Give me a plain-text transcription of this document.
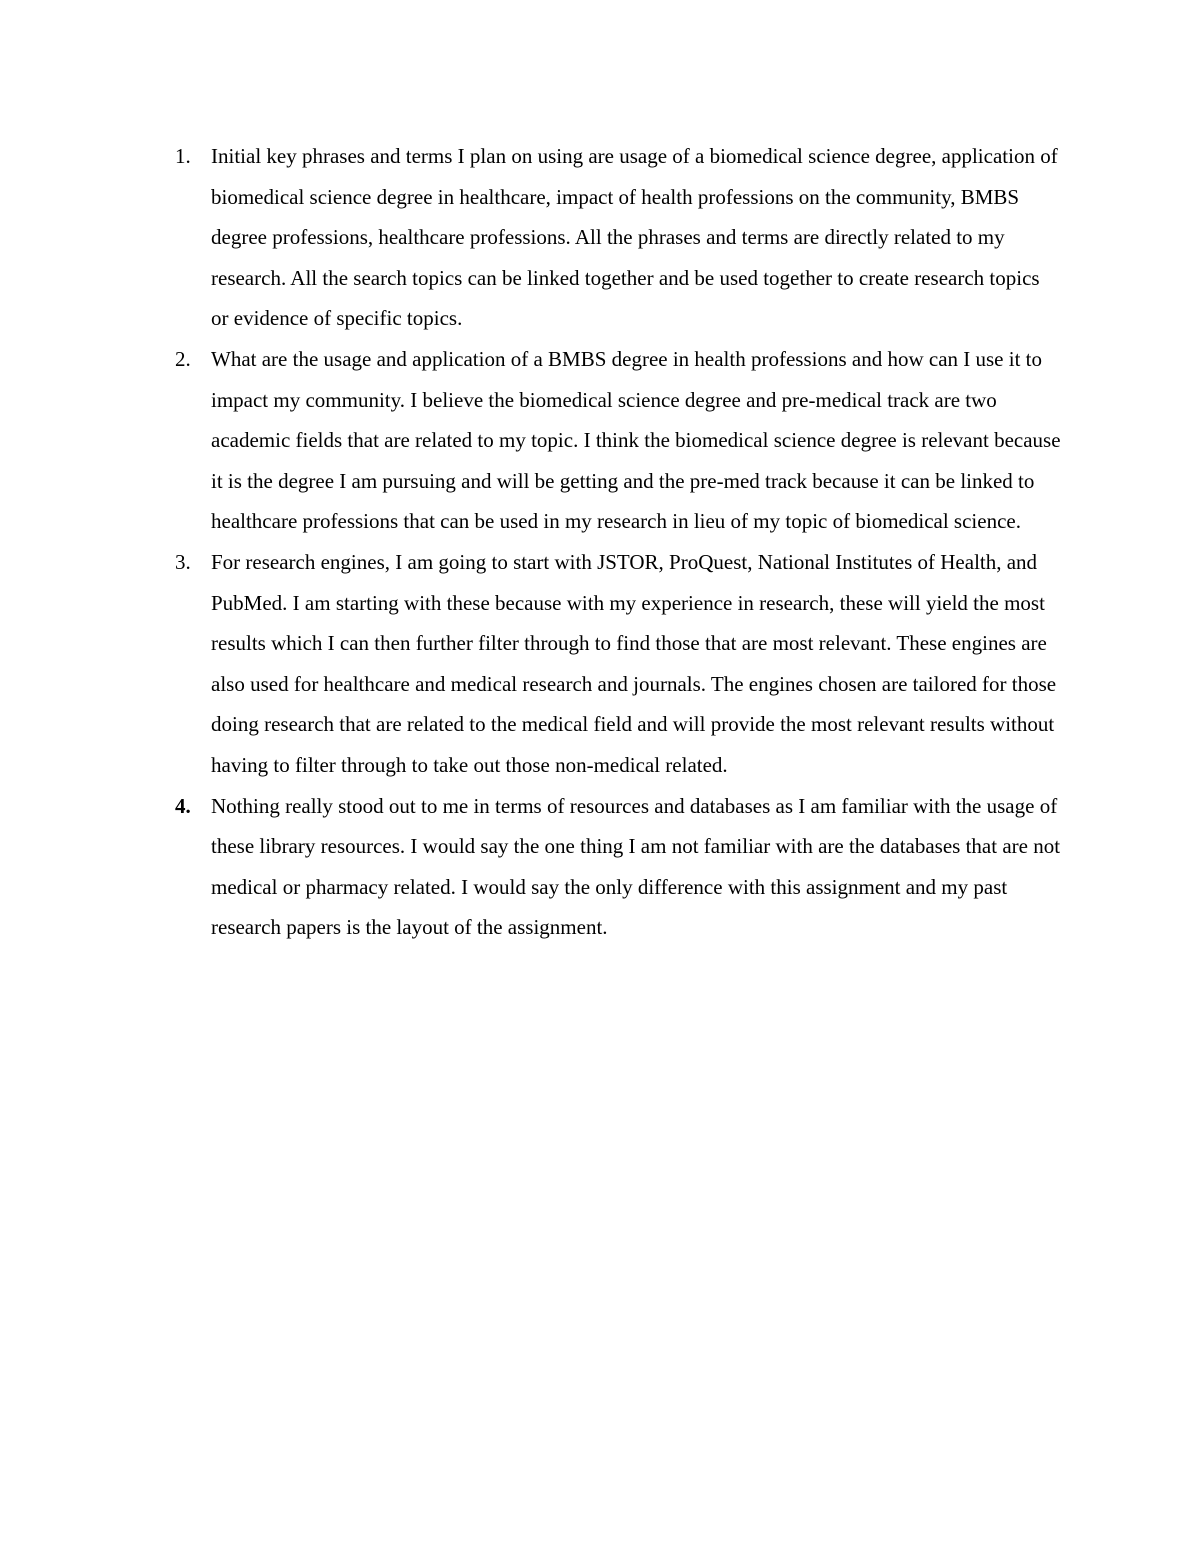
1. Initial key phrases and terms I plan on using are usage of a biomedical science degree, application of biomedical science degree in healthcare, impact of health professions on the community, BMBS degree professions, healthcare professions. All the phrases and terms are directly related to my research. All the search topics can be linked together and be used together to create research topics or evidence of specific topics.
2. What are the usage and application of a BMBS degree in health professions and how can I use it to impact my community. I believe the biomedical science degree and pre-medical track are two academic fields that are related to my topic. I think the biomedical science degree is relevant because it is the degree I am pursuing and will be getting and the pre-med track because it can be linked to healthcare professions that can be used in my research in lieu of my topic of biomedical science.
3. For research engines, I am going to start with JSTOR, ProQuest, National Institutes of Health, and PubMed. I am starting with these because with my experience in research, these will yield the most results which I can then further filter through to find those that are most relevant. These engines are also used for healthcare and medical research and journals. The engines chosen are tailored for those doing research that are related to the medical field and will provide the most relevant results without having to filter through to take out those non-medical related.
4. Nothing really stood out to me in terms of resources and databases as I am familiar with the usage of these library resources. I would say the one thing I am not familiar with are the databases that are not medical or pharmacy related. I would say the only difference with this assignment and my past research papers is the layout of the assignment.
